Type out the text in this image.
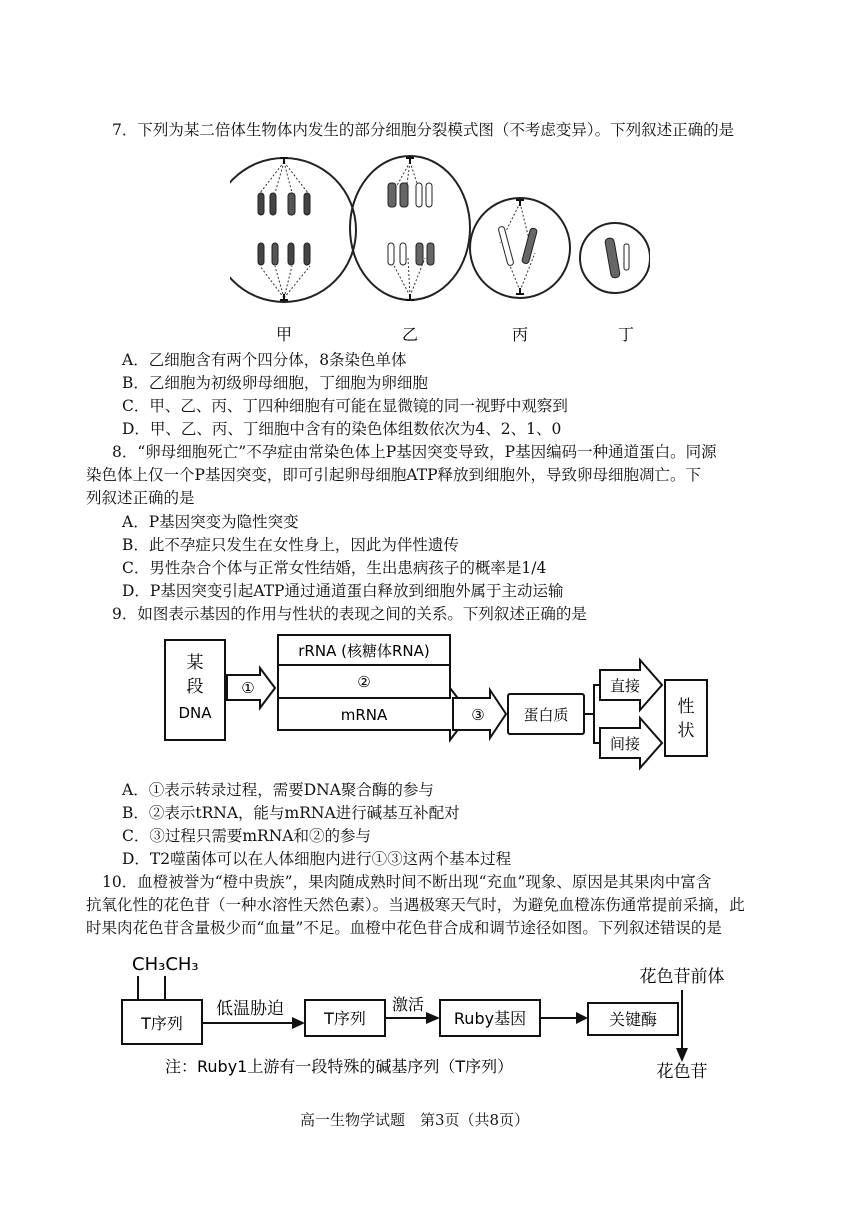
7．下列为某二倍体生物体内发生的部分细胞分裂模式图（不考虑变异）。下列叙述正确的是
甲	乙	丙	丁
A．乙细胞含有两个四分体，8条染色单体
B．乙细胞为初级卵母细胞，丁细胞为卵细胞
C．甲、乙、丙、丁四种细胞有可能在显微镜的同一视野中观察到
D．甲、乙、丙、丁细胞中含有的染色体组数依次为4、2、1、0
8．“卵母细胞死亡”不孕症由常染色体上P基因突变导致，P基因编码一种通道蛋白。同源
染色体上仅一个P基因突变，即可引起卵母细胞ATP释放到细胞外，导致卵母细胞凋亡。下
列叙述正确的是
A．P基因突变为隐性突变
B．此不孕症只发生在女性身上，因此为伴性遗传
C．男性杂合个体与正常女性结婚，生出患病孩子的概率是1/4
D．P基因突变引起ATP通过通道蛋白释放到细胞外属于主动运输
9．如图表示基因的作用与性状的表现之间的关系。下列叙述正确的是
某
段
DNA
①
rRNA (核糖体RNA)
②
mRNA	③	蛋白质
直接
间接
性
状
A．①表示转录过程，需要DNA聚合酶的参与
B．②表示tRNA，能与mRNA进行碱基互补配对
C．③过程只需要mRNA和②的参与
D．T2噬菌体可以在人体细胞内进行①③这两个基本过程
10．血橙被誉为“橙中贵族”，果肉随成熟时间不断出现“充血”现象、原因是其果肉中富含
抗氧化性的花色苷（一种水溶性天然色素）。当遇极寒天气时，为避免血橙冻伤通常提前采摘，此
时果肉花色苷含量极少而“血量”不足。血橙中花色苷合成和调节途径如图。下列叙述错误的是
CH₃CH₃
T序列
低温胁迫	T序列
激活
Ruby基因	关键酶
花色苷前体
花色苷
注：Ruby1上游有一段特殊的碱基序列（T序列）
高一生物学试题　第3页（共8页）
